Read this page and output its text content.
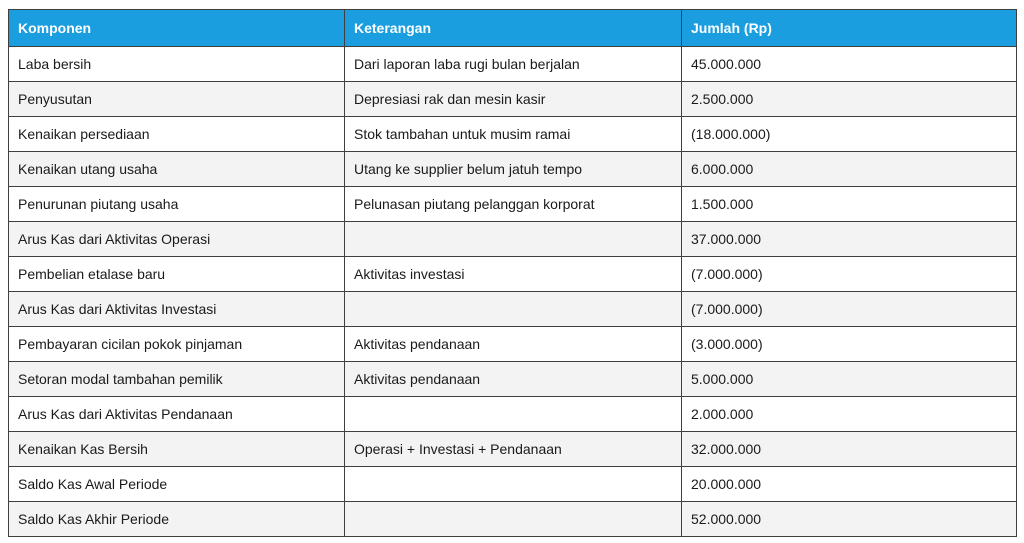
Komponen	Keterangan	Jumlah (Rp)
Laba bersih	Dari laporan laba rugi bulan berjalan	45.000.000
Penyusutan	Depresiasi rak dan mesin kasir	2.500.000
Kenaikan persediaan	Stok tambahan untuk musim ramai	(18.000.000)
Kenaikan utang usaha	Utang ke supplier belum jatuh tempo	6.000.000
Penurunan piutang usaha	Pelunasan piutang pelanggan korporat	1.500.000
Arus Kas dari Aktivitas Operasi		37.000.000
Pembelian etalase baru	Aktivitas investasi	(7.000.000)
Arus Kas dari Aktivitas Investasi		(7.000.000)
Pembayaran cicilan pokok pinjaman	Aktivitas pendanaan	(3.000.000)
Setoran modal tambahan pemilik	Aktivitas pendanaan	5.000.000
Arus Kas dari Aktivitas Pendanaan		2.000.000
Kenaikan Kas Bersih	Operasi + Investasi + Pendanaan	32.000.000
Saldo Kas Awal Periode		20.000.000
Saldo Kas Akhir Periode		52.000.000
